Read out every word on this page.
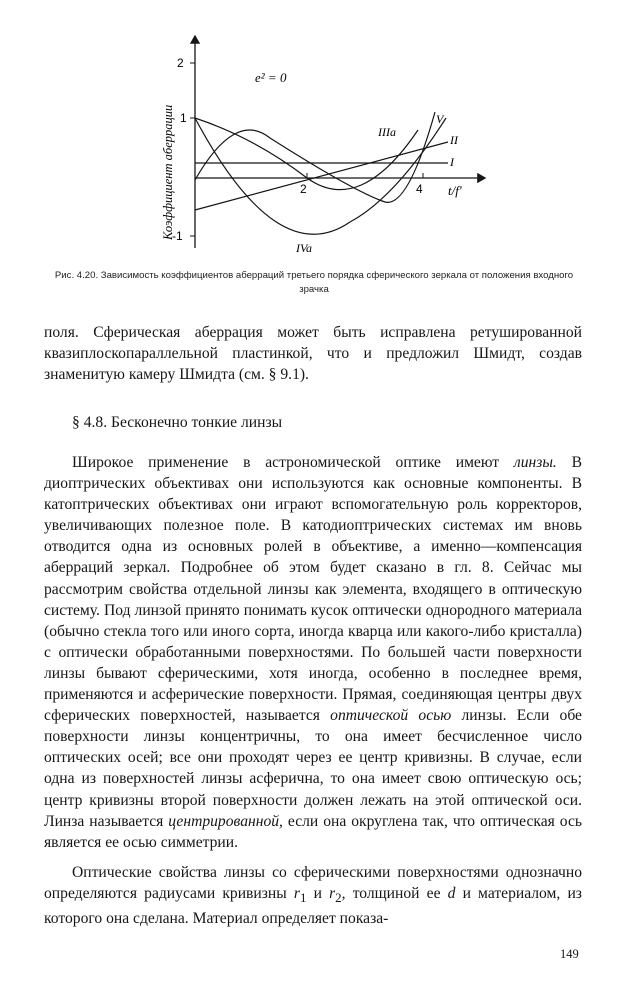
2
1
-1
2	4
Коэффициент аберрации	t/f'
e² = 0
V
IIIa
II
I
IVa
Рис. 4.20. Зависимость коэффициентов аберраций третьего порядка сферического зеркала от положения входного зрачка
поля. Сферическая аберрация может быть исправлена ретушированной квазиплоскопараллельной пластинкой, что и предложил Шмидт, создав знаменитую камеру Шмидта (см. § 9.1).
§ 4.8. Бесконечно тонкие линзы
Широкое применение в астрономической оптике имеют линзы. В диоптрических объективах они используются как основные компоненты. В катоптрических объективах они играют вспомогательную роль корректоров, увеличивающих полезное поле. В катодиоптрических системах им вновь отводится одна из основных ролей в объективе, а именно—компенсация аберраций зеркал. Подробнее об этом будет сказано в гл. 8. Сейчас мы рассмотрим свойства отдельной линзы как элемента, входящего в оптическую систему. Под линзой принято понимать кусок оптически однородного материала (обычно стекла того или иного сорта, иногда кварца или какого-либо кристалла) с оптически обработанными поверхностями. По большей части поверхности линзы бывают сферическими, хотя иногда, особенно в последнее время, применяются и асферические поверхности. Прямая, соединяющая центры двух сферических поверхностей, называется оптической осью линзы. Если обе поверхности линзы концентричны, то она имеет бесчисленное число оптических осей; все они проходят через ее центр кривизны. В случае, если одна из поверхностей линзы асферична, то она имеет свою оптическую ось; центр кривизны второй поверхности должен лежать на этой оптической оси. Линза называется центрированной, если она округлена так, что оптическая ось является ее осью симметрии.
Оптические свойства линзы со сферическими поверхностями однозначно определяются радиусами кривизны $r_1$ и $r_2$, толщиной ее d и материалом, из которого она сделана. Материал определяет показа-
149
